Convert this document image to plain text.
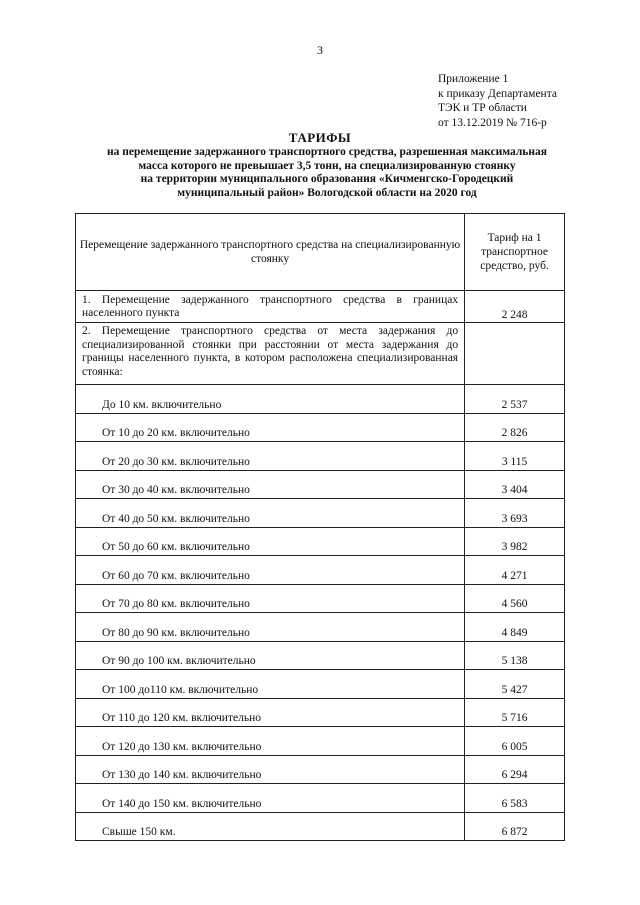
3
Приложение 1
к приказу Департамента
ТЭК и ТР области
от 13.12.2019 № 716-р
ТАРИФЫ
на перемещение задержанного транспортного средства, разрешенная максимальная
масса которого не превышает 3,5 тонн, на специализированную стоянку
на территории муниципального образования «Кичменгско-Городецкий
муниципальный район» Вологодской области на 2020 год
Перемещение задержанного транспортного средства на специализированную стоянку	Тариф на 1 транспортное средство, руб.
1. Перемещение задержанного транспортного средства в границах населенного пункта	2 248
2. Перемещение транспортного средства от места задержания до специализированной стоянки при расстоянии от места задержания до границы населенного пункта, в котором расположена специализированная стоянка:	
До 10 км. включительно	2 537
От 10 до 20 км. включительно	2 826
От 20 до 30 км. включительно	3 115
От 30 до 40 км. включительно	3 404
От 40 до 50 км. включительно	3 693
От 50 до 60 км. включительно	3 982
От 60 до 70 км. включительно	4 271
От 70 до 80 км. включительно	4 560
От 80 до 90 км. включительно	4 849
От 90 до 100 км. включительно	5 138
От 100 до110 км. включительно	5 427
От 110 до 120 км. включительно	5 716
От 120 до 130 км. включительно	6 005
От 130 до 140 км. включительно	6 294
От 140 до 150 км. включительно	6 583
Свыше 150 км.	6 872
